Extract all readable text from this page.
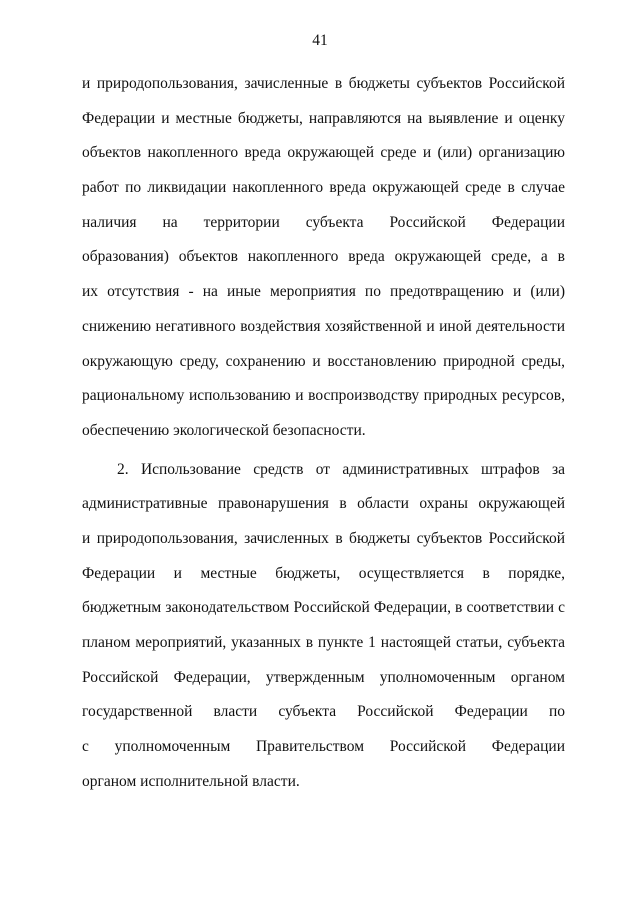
41
и природопользования, зачисленные в бюджеты субъектов Российской
Федерации и местные бюджеты, направляются на выявление и оценку
объектов накопленного вреда окружающей среде и (или) организацию
работ по ликвидации накопленного вреда окружающей среде в случае
наличия на территории субъекта Российской Федерации
образования) объектов накопленного вреда окружающей среде, а в
их отсутствия - на иные мероприятия по предотвращению и (или)
снижению негативного воздействия хозяйственной и иной деятельности
окружающую среду, сохранению и восстановлению природной среды,
рациональному использованию и воспроизводству природных ресурсов,
обеспечению экологической безопасности.
2. Использование средств от административных штрафов за
административные правонарушения в области охраны окружающей
и природопользования, зачисленных в бюджеты субъектов Российской
Федерации и местные бюджеты, осуществляется в порядке,
бюджетным законодательством Российской Федерации, в соответствии с
планом мероприятий, указанных в пункте 1 настоящей статьи, субъекта
Российской Федерации, утвержденным уполномоченным органом
государственной власти субъекта Российской Федерации по
с уполномоченным Правительством Российской Федерации
органом исполнительной власти.
